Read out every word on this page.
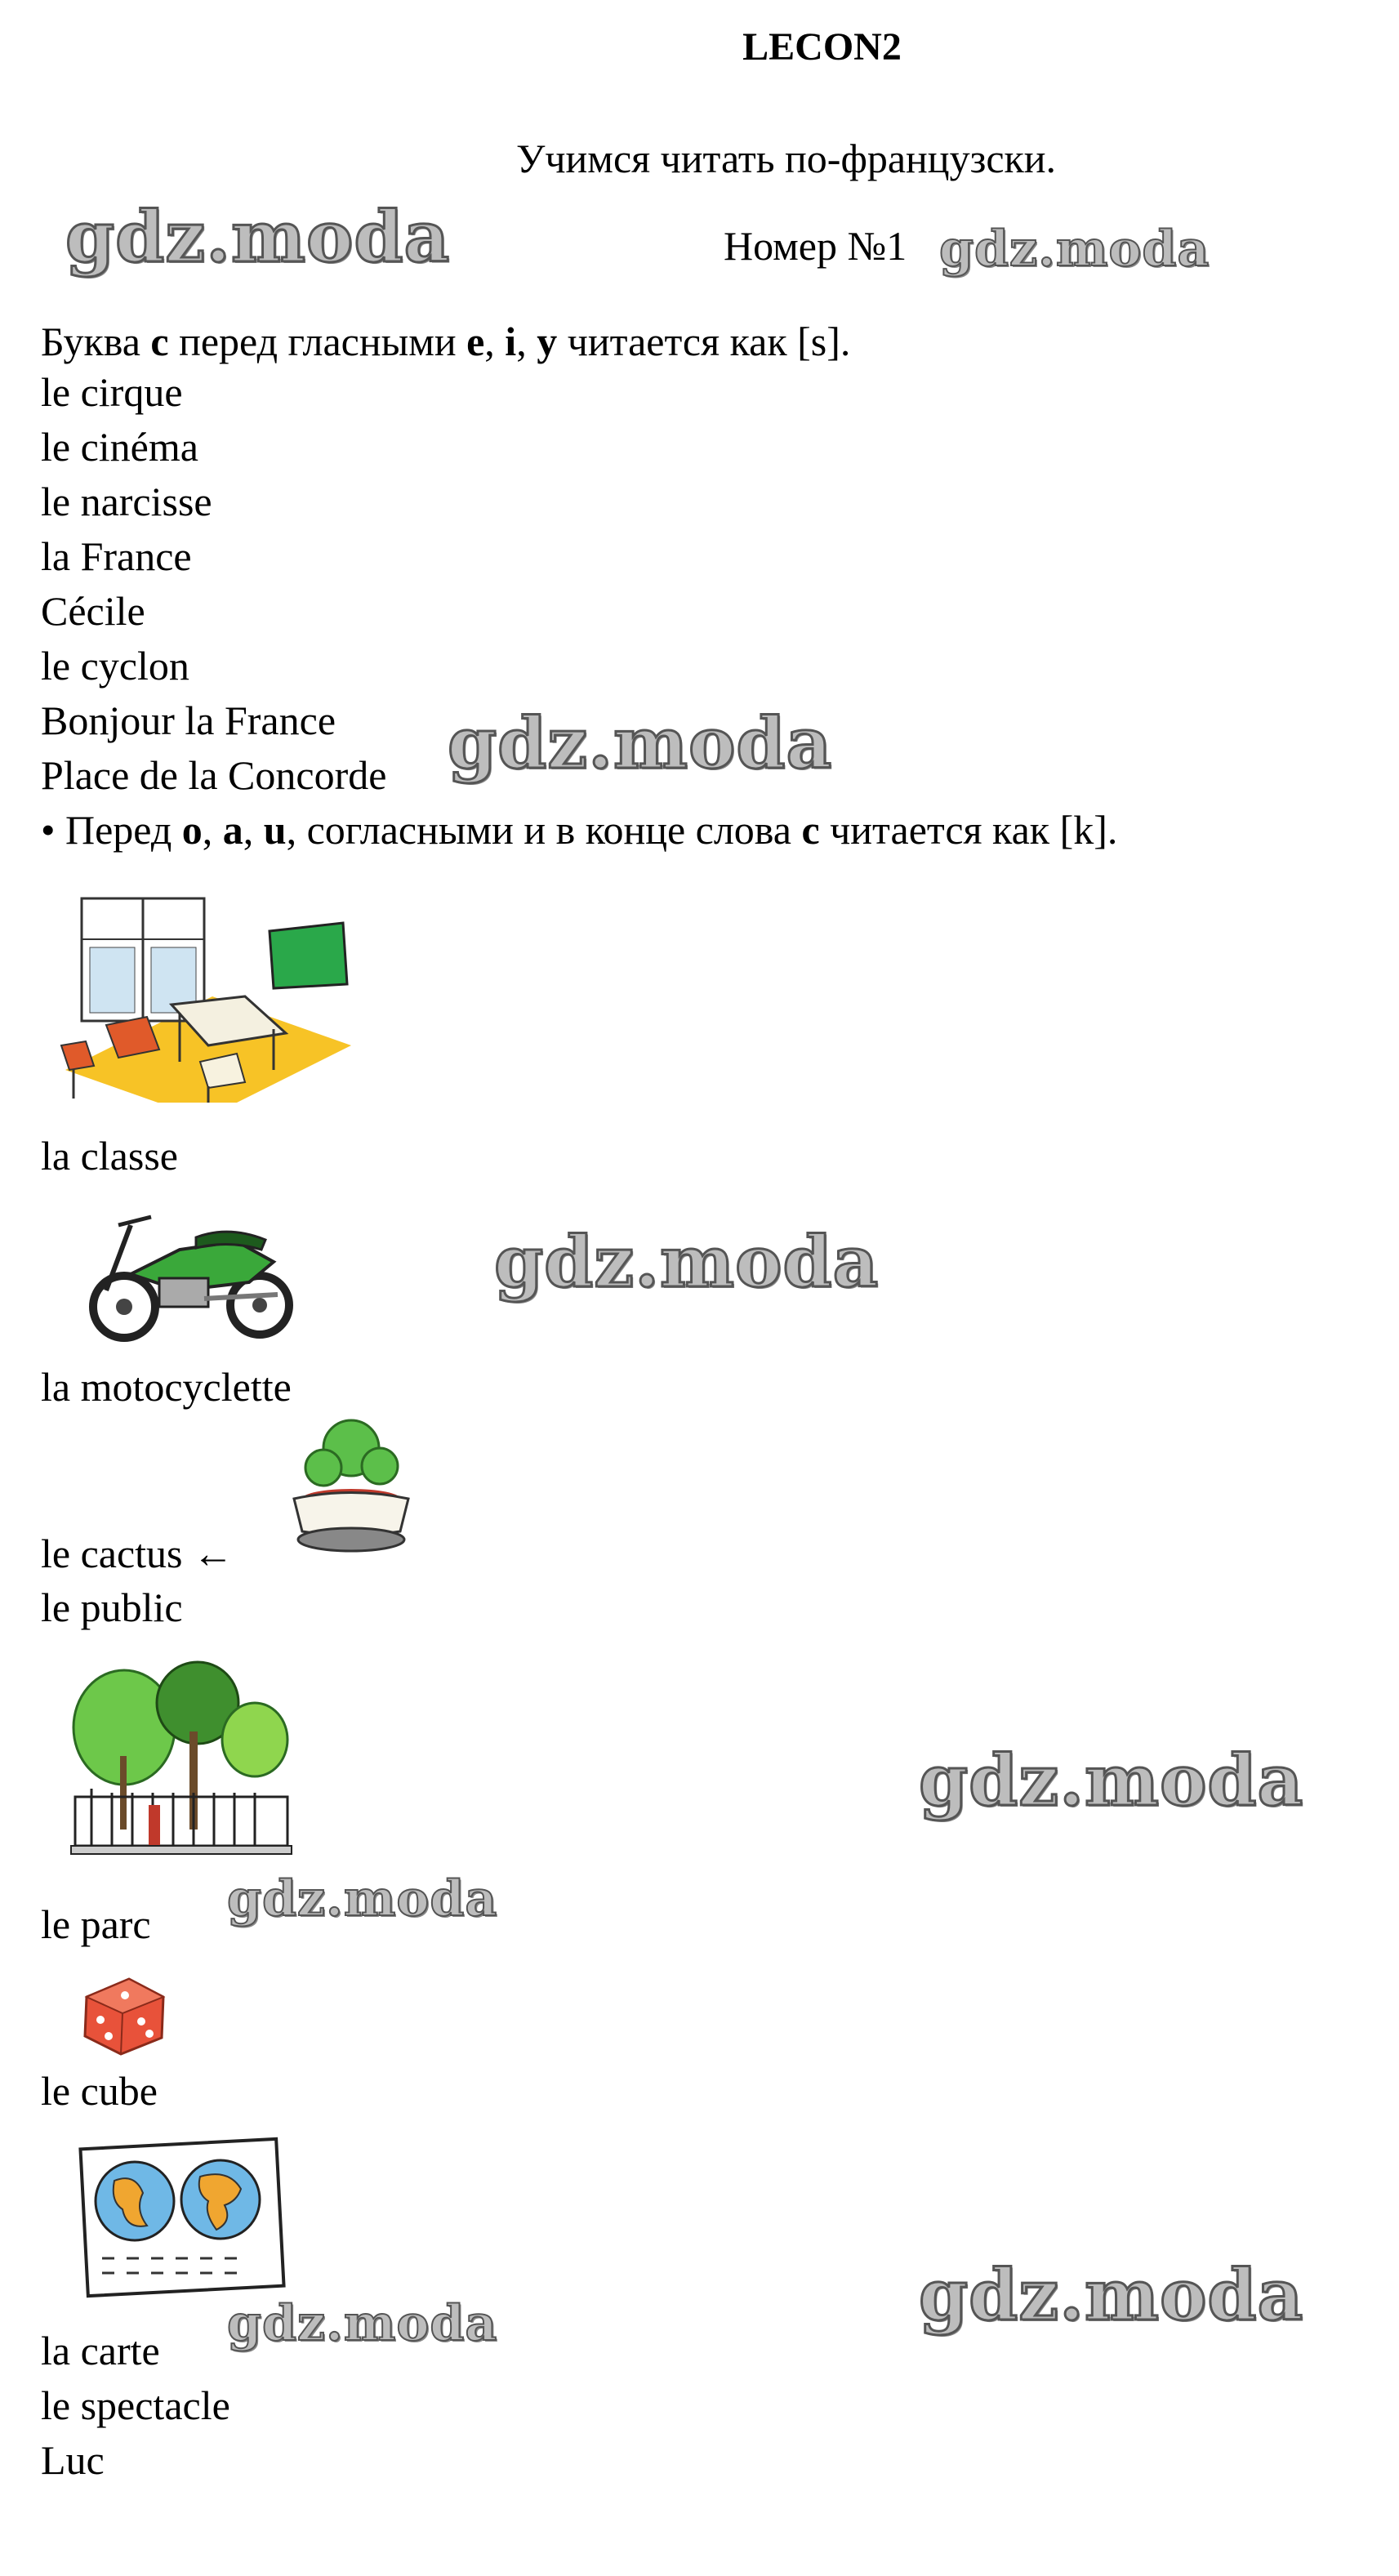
LECON2
Учимся читать по-французски.
Номер №1
gdz.moda	gdz.moda
gdz.moda
gdz.moda
gdz.moda
gdz.moda
gdz.moda	gdz.moda
Буква c перед гласными e, i, y читается как [s].
le cirque
le cinéma
le narcisse
la France
Cécile
le cyclon
Bonjour la France
Place de la Concorde
• Перед o, a, u, согласными и в конце слова c читается как [k].
la classe
la motocyclette
le cactus ←
le public
le parc
le cube
la carte
le spectacle
Luc
